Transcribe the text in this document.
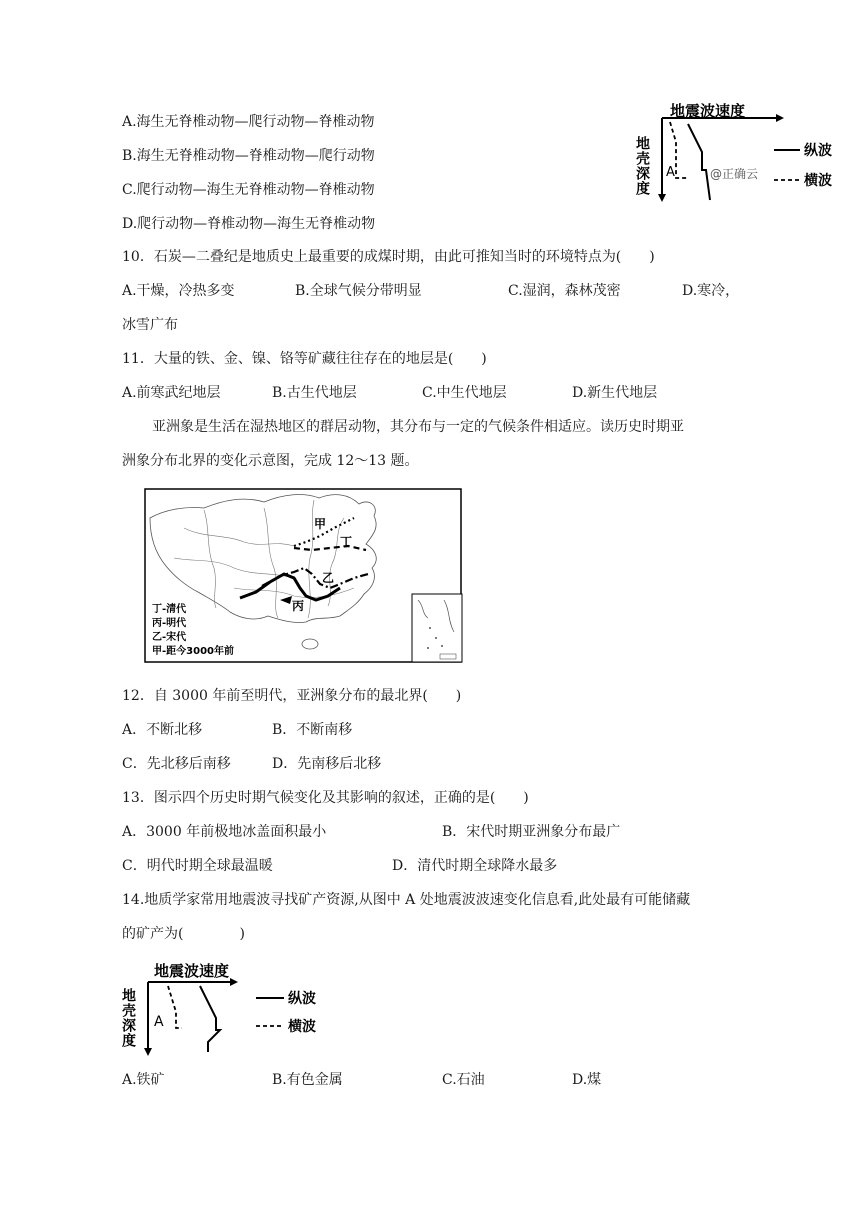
A.海生无脊椎动物—爬行动物—脊椎动物
B.海生无脊椎动物—脊椎动物—爬行动物
C.爬行动物—海生无脊椎动物—脊椎动物
D.爬行动物—脊椎动物—海生无脊椎动物
地震波速度
地壳深度 A	@正确云
纵波
横波
10．石炭—二叠纪是地质史上最重要的成煤时期，由此可推知当时的环境特点为(　　)
A.干燥，冷热多变	B.全球气候分带明显	C.湿润，森林茂密	D.寒冷，
冰雪广布
11．大量的铁、金、镍、铬等矿藏往往存在的地层是(　　)
A.前寒武纪地层	B.古生代地层	C.中生代地层	D.新生代地层
亚洲象是生活在湿热地区的群居动物，其分布与一定的气候条件相适应。读历史时期亚
洲象分布北界的变化示意图，完成 12～13 题。
甲
丁
乙
丙
丁-清代
丙-明代
乙-宋代
甲-距今3000年前
12．自 3000 年前至明代，亚洲象分布的最北界(　　)
A．不断北移	B．不断南移
C．先北移后南移	D．先南移后北移
13．图示四个历史时期气候变化及其影响的叙述，正确的是(　　)
A．3000 年前极地冰盖面积最小	B．宋代时期亚洲象分布最广
C．明代时期全球最温暖	D．清代时期全球降水最多
14.地质学家常用地震波寻找矿产资源,从图中 A 处地震波波速变化信息看,此处最有可能储藏
的矿产为(　　　　)
地震波速度
地壳深度 A
纵波
横波
A.铁矿	B.有色金属	C.石油	D.煤
